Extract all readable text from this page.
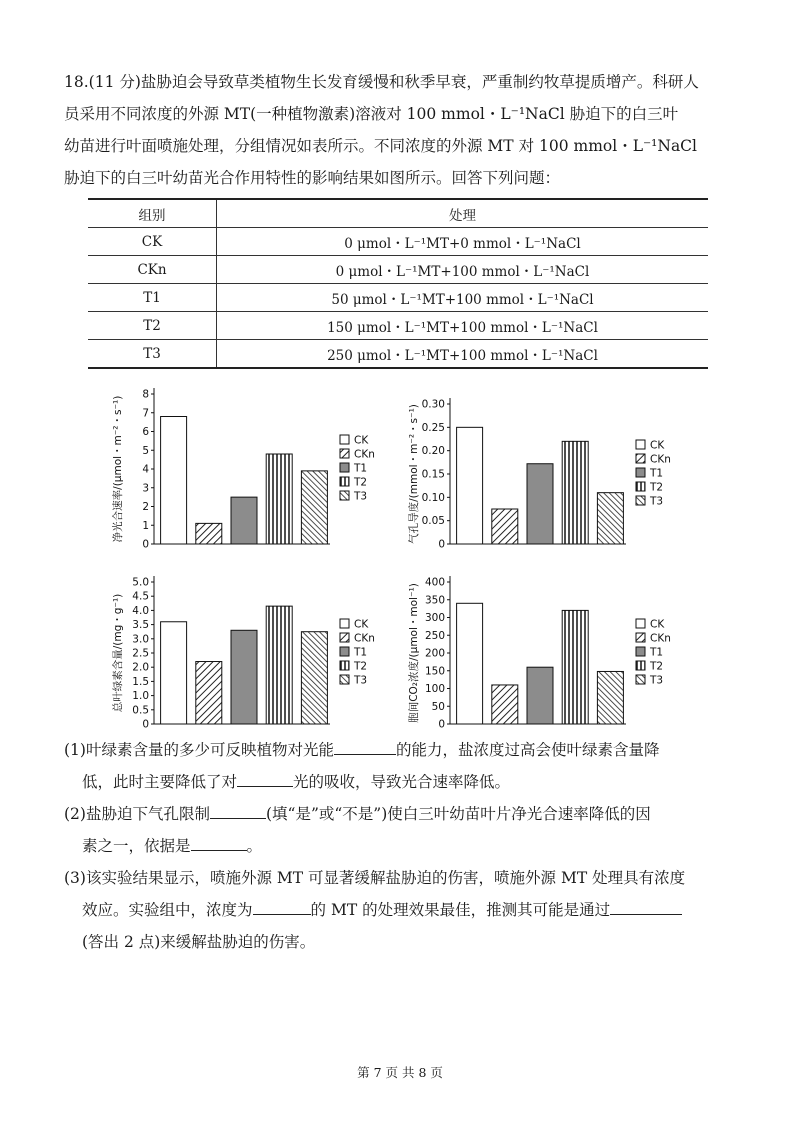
18.(11 分)盐胁迫会导致草类植物生长发育缓慢和秋季早衰，严重制约牧草提质增产。科研人
员采用不同浓度的外源 MT(一种植物激素)溶液对 100 mmol・L⁻¹NaCl 胁迫下的白三叶
幼苗进行叶面喷施处理，分组情况如表所示。不同浓度的外源 MT 对 100 mmol・L⁻¹NaCl
胁迫下的白三叶幼苗光合作用特性的影响结果如图所示。回答下列问题：
组别	处理
CK	0 μmol・L⁻¹MT+0 mmol・L⁻¹NaCl
CKn	0 μmol・L⁻¹MT+100 mmol・L⁻¹NaCl
T1	50 μmol・L⁻¹MT+100 mmol・L⁻¹NaCl
T2	150 μmol・L⁻¹MT+100 mmol・L⁻¹NaCl
T3	250 μmol・L⁻¹MT+100 mmol・L⁻¹NaCl
净光合速率/(μmol・m⁻²・s⁻¹)
0
1
2
3
4
5
6
7
8
CK
CKn
T1
T2
T3	气孔导度/(mmol・m⁻²・s⁻¹)
0
0.05
0.10
0.15
0.20
0.25
0.30
CK
CKn
T1
T2
T3
总叶绿素含量/(mg・g⁻¹)
0
0.5
1.0
1.5
2.0
2.5
3.0
3.5
4.0
4.5
5.0
CK
CKn
T1
T2
T3	胞间CO₂浓度/(μmol・mol⁻¹)
0
50
100
150
200
250
300
350
400
CK
CKn
T1
T2
T3
(1)叶绿素含量的多少可反映植物对光能	的能力，盐浓度过高会使叶绿素含量降
低，此时主要降低了对	光的吸收，导致光合速率降低。
(2)盐胁迫下气孔限制	(填“是”或“不是”)使白三叶幼苗叶片净光合速率降低的因
素之一，依据是	。
(3)该实验结果显示，喷施外源 MT 可显著缓解盐胁迫的伤害，喷施外源 MT 处理具有浓度
效应。实验组中，浓度为	的 MT 的处理效果最佳，推测其可能是通过
(答出 2 点)来缓解盐胁迫的伤害。
第 7 页 共 8 页
